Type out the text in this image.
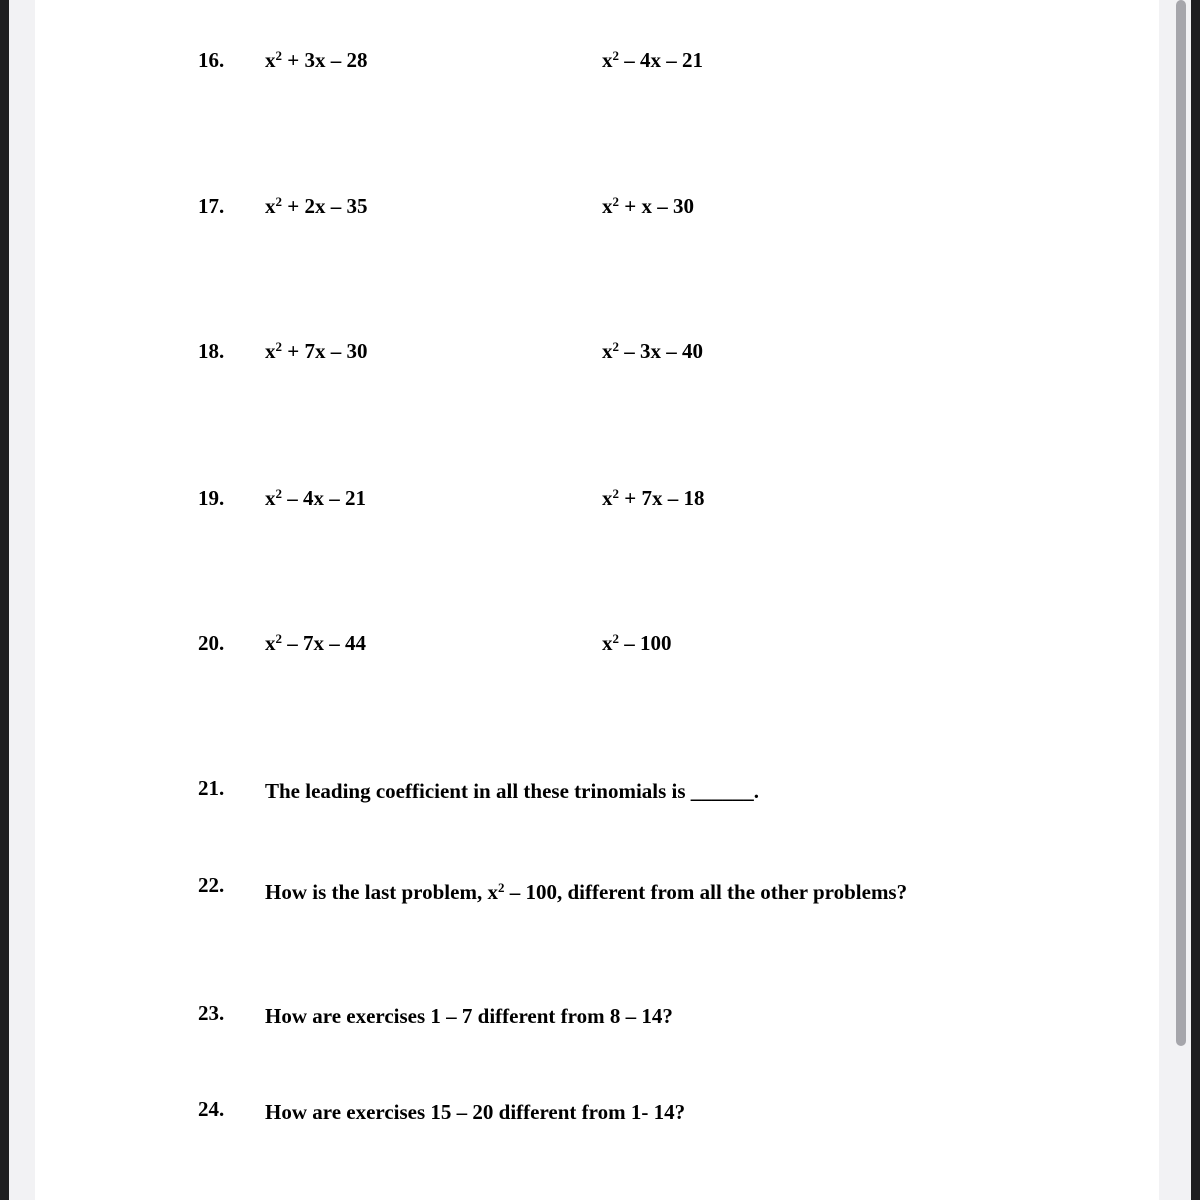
16. $x^2 + 3x - 28$	$x^2 - 4x - 21$
17. $x^2 + 2x - 35$	$x^2 + x - 30$
18. $x^2 + 7x - 30$	$x^2 - 3x - 40$
19. $x^2 - 4x - 21$	$x^2 + 7x - 18$
20. $x^2 - 7x - 44$	$x^2 - 100$
21. The leading coefficient in all these trinomials is ______.
22. How is the last problem, $x^2 - 100$, different from all the other problems?
23. How are exercises 1 – 7 different from 8 – 14?
24. How are exercises 15 – 20 different from 1- 14?
